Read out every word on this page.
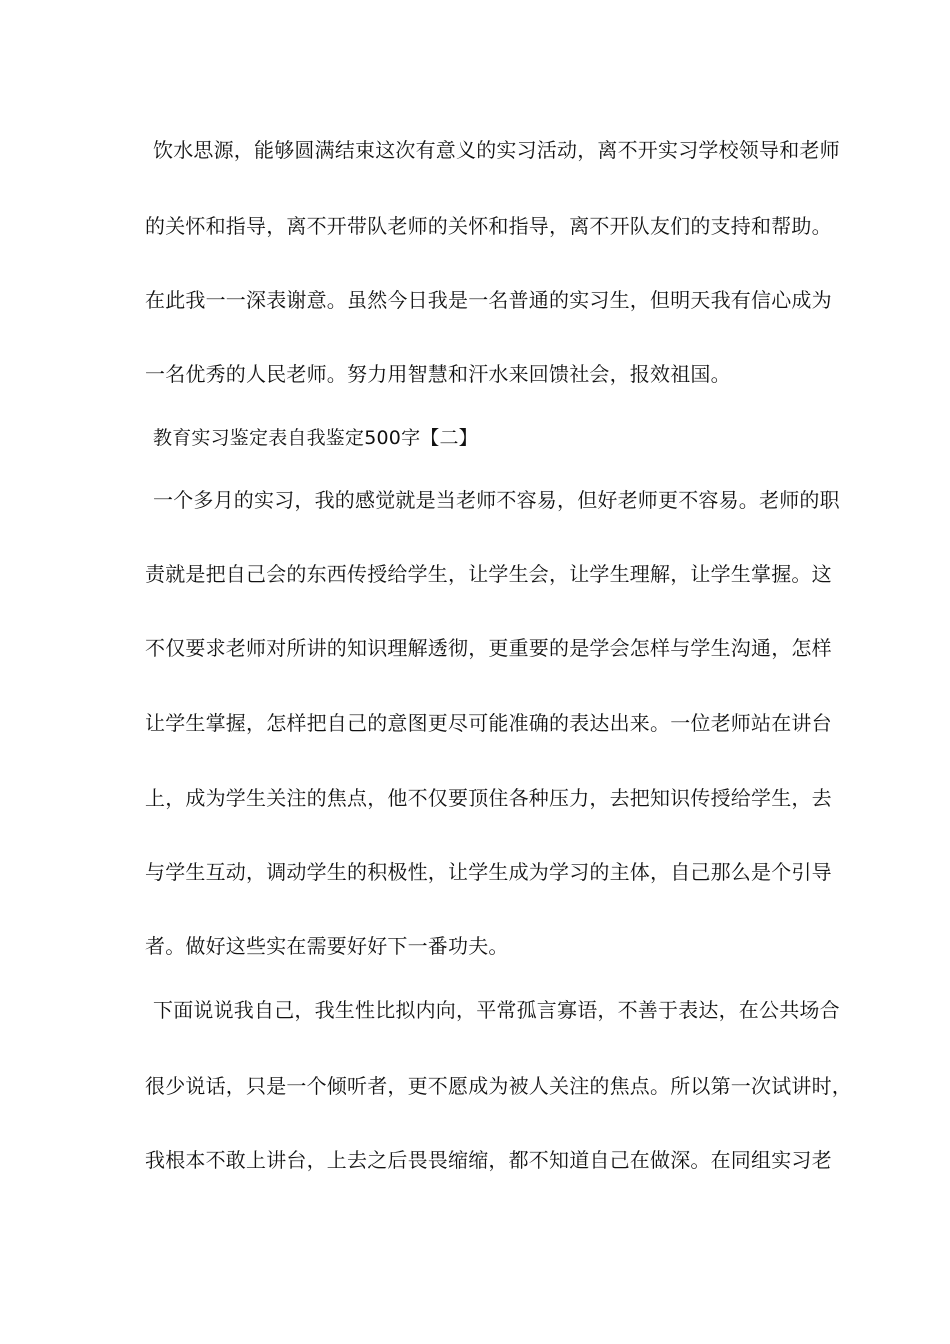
饮水思源，能够圆满结束这次有意义的实习活动，离不开实习学校领导和老师
的关怀和指导，离不开带队老师的关怀和指导，离不开队友们的支持和帮助。
在此我一一深表谢意。虽然今日我是一名普通的实习生，但明天我有信心成为
一名优秀的人民老师。努力用智慧和汗水来回馈社会，报效祖国。
教育实习鉴定表自我鉴定500字【二】
一个多月的实习，我的感觉就是当老师不容易，但好老师更不容易。老师的职
责就是把自己会的东西传授给学生，让学生会，让学生理解，让学生掌握。这
不仅要求老师对所讲的知识理解透彻，更重要的是学会怎样与学生沟通，怎样
让学生掌握，怎样把自己的意图更尽可能准确的表达出来。一位老师站在讲台
上，成为学生关注的焦点，他不仅要顶住各种压力，去把知识传授给学生，去
与学生互动，调动学生的积极性，让学生成为学习的主体，自己那么是个引导
者。做好这些实在需要好好下一番功夫。
下面说说我自己，我生性比拟内向，平常孤言寡语，不善于表达，在公共场合
很少说话，只是一个倾听者，更不愿成为被人关注的焦点。所以第一次试讲时，
我根本不敢上讲台，上去之后畏畏缩缩，都不知道自己在做深。在同组实习老
